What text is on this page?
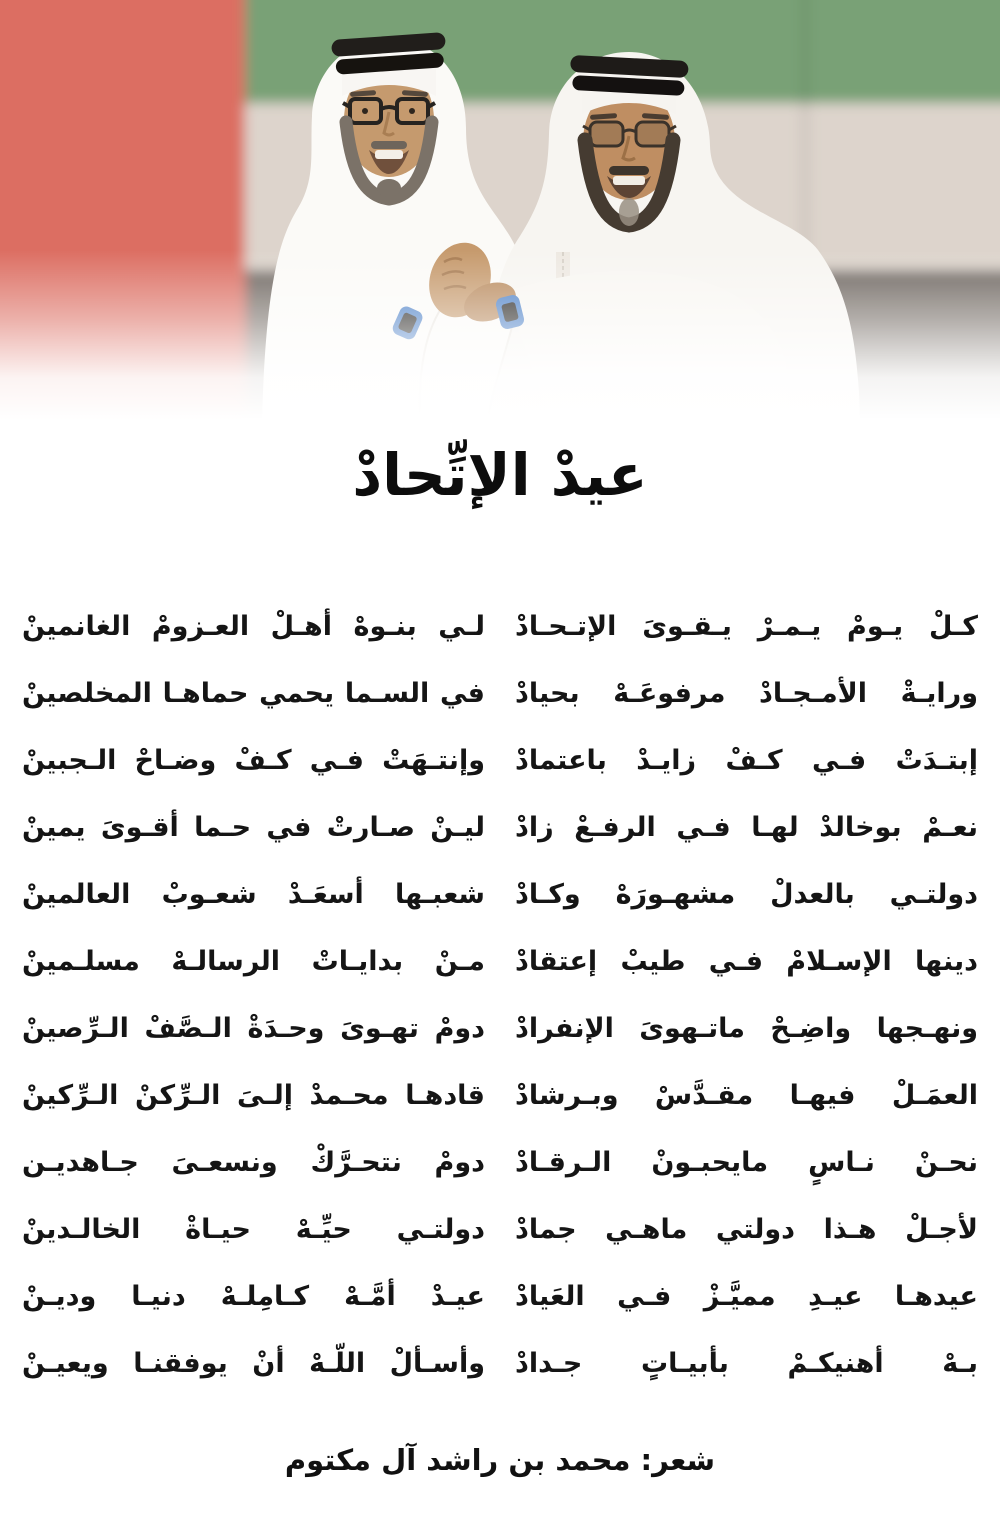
عيدْ الإتِّحادْ
كـلْ يـومْ يـمـرْ يـقـوىَ الإتـحـادْ
لـي بنـوهْ أهـلْ العـزومْ الغانمينْ
ورايـةْ الأمـجـادْ مرفوعَـهْ بحيادْ
في السـما يحمي حماهـا المخلصينْ
إبتـدَتْ فـي كـفْ زايـدْ باعتمادْ
وإنتـهَتْ فـي كـفْ وضـاحْ الـجبينْ
نعـمْ بوخالدْ لهـا فـي الرفـعْ زادْ
ليـنْ صـارتْ في حـما أقـوىَ يمينْ
دولتـي بالعدلْ مشهـورَهْ وكـادْ
شعبـها أسعَـدْ شعـوبْ العالمينْ
دينها الإسـلامْ فـي طيبْ إعتقادْ
مـنْ بدايـاتْ الرسالـهْ مسلـمينْ
ونهـجها واضِـحْ ماتـهوىَ الإنفرادْ
دومْ تهـوىَ وحـدَةْ الـصَّفْ الـرِّصينْ
العمَـلْ فيهـا مقـدَّسْ وبـرشادْ
قادهـا محـمدْ إلـىَ الـرِّكنْ الـرِّكينْ
نحـنْ نـاسٍ مايحبـونْ الـرقـادْ
دومْ نتحـرَّكْ ونسعـىَ جـاهديـن
لأجـلْ هـذا دولتي ماهـي جمادْ
دولتـي حيِّـهْ حيـاةْ الخالـدينْ
عيدهـا عيـدِ مميَّـزْ فـي العَيادْ
عيـدْ أمَّـهْ كـامِلـهْ دنيـا وديـنْ
بـهْ أهنيكـمْ بأبيـاتٍ جـدادْ
وأسـألْ اللّـهْ أنْ يوفقنـا ويعيـنْ
شعر: محمد بن راشد آل مكتوم
